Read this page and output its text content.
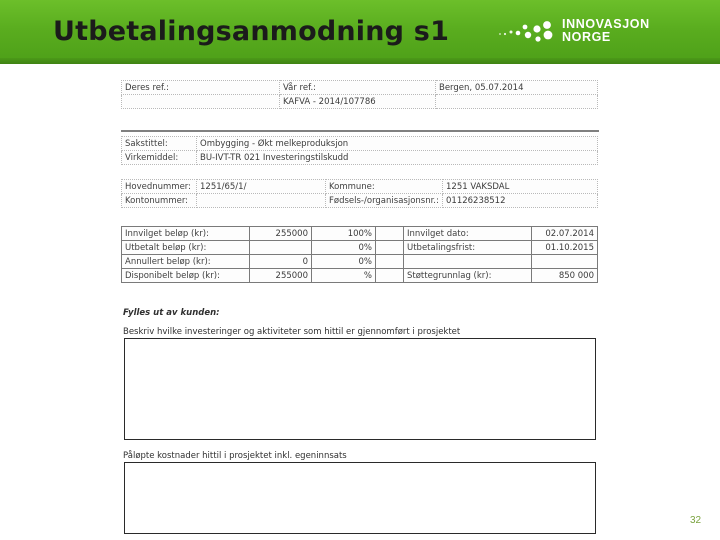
Utbetalingsanmodning s1	INNOVASJON
NORGE
Deres ref.:	Vår ref.:	Bergen, 05.07.2014
	KAFVA - 2014/107786	
Sakstittel:	Ombygging - Økt melkeproduksjon
Virkemiddel:	BU-IVT-TR 021 Investeringstilskudd
Hovednummer:	1251/65/1/	Kommune:	1251 VAKSDAL
Kontonummer:		Fødsels-/organisasjonsnr.:	01126238512
Innvilget beløp (kr):	255000	100%		Innvilget dato:	02.07.2014
Utbetalt beløp (kr):		0%		Utbetalingsfrist:	01.10.2015
Annullert beløp (kr):	0	0%			
Disponibelt beløp (kr):	255000	%		Støttegrunnlag (kr):	850 000
Fylles ut av kunden:
Beskriv hvilke investeringer og aktiviteter som hittil er gjennomført i prosjektet
Påløpte kostnader hittil i prosjektet inkl. egeninnsats
32
